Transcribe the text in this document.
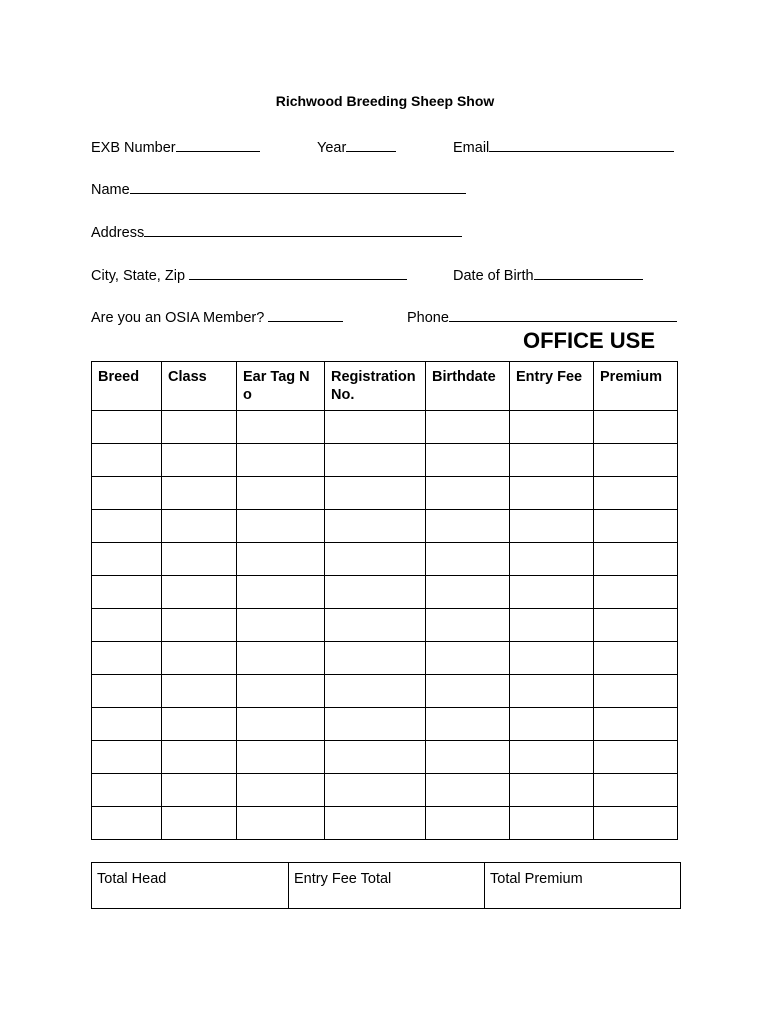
Richwood Breeding Sheep Show
EXB Number	Year	Email
Name
Address
City, State, Zip	Date of Birth
Are you an OSIA Member?	Phone
OFFICE USE
Breed	Class	Ear Tag No	Registration No.	Birthdate	Entry Fee	Premium

Total Head	Entry Fee Total	Total Premium
